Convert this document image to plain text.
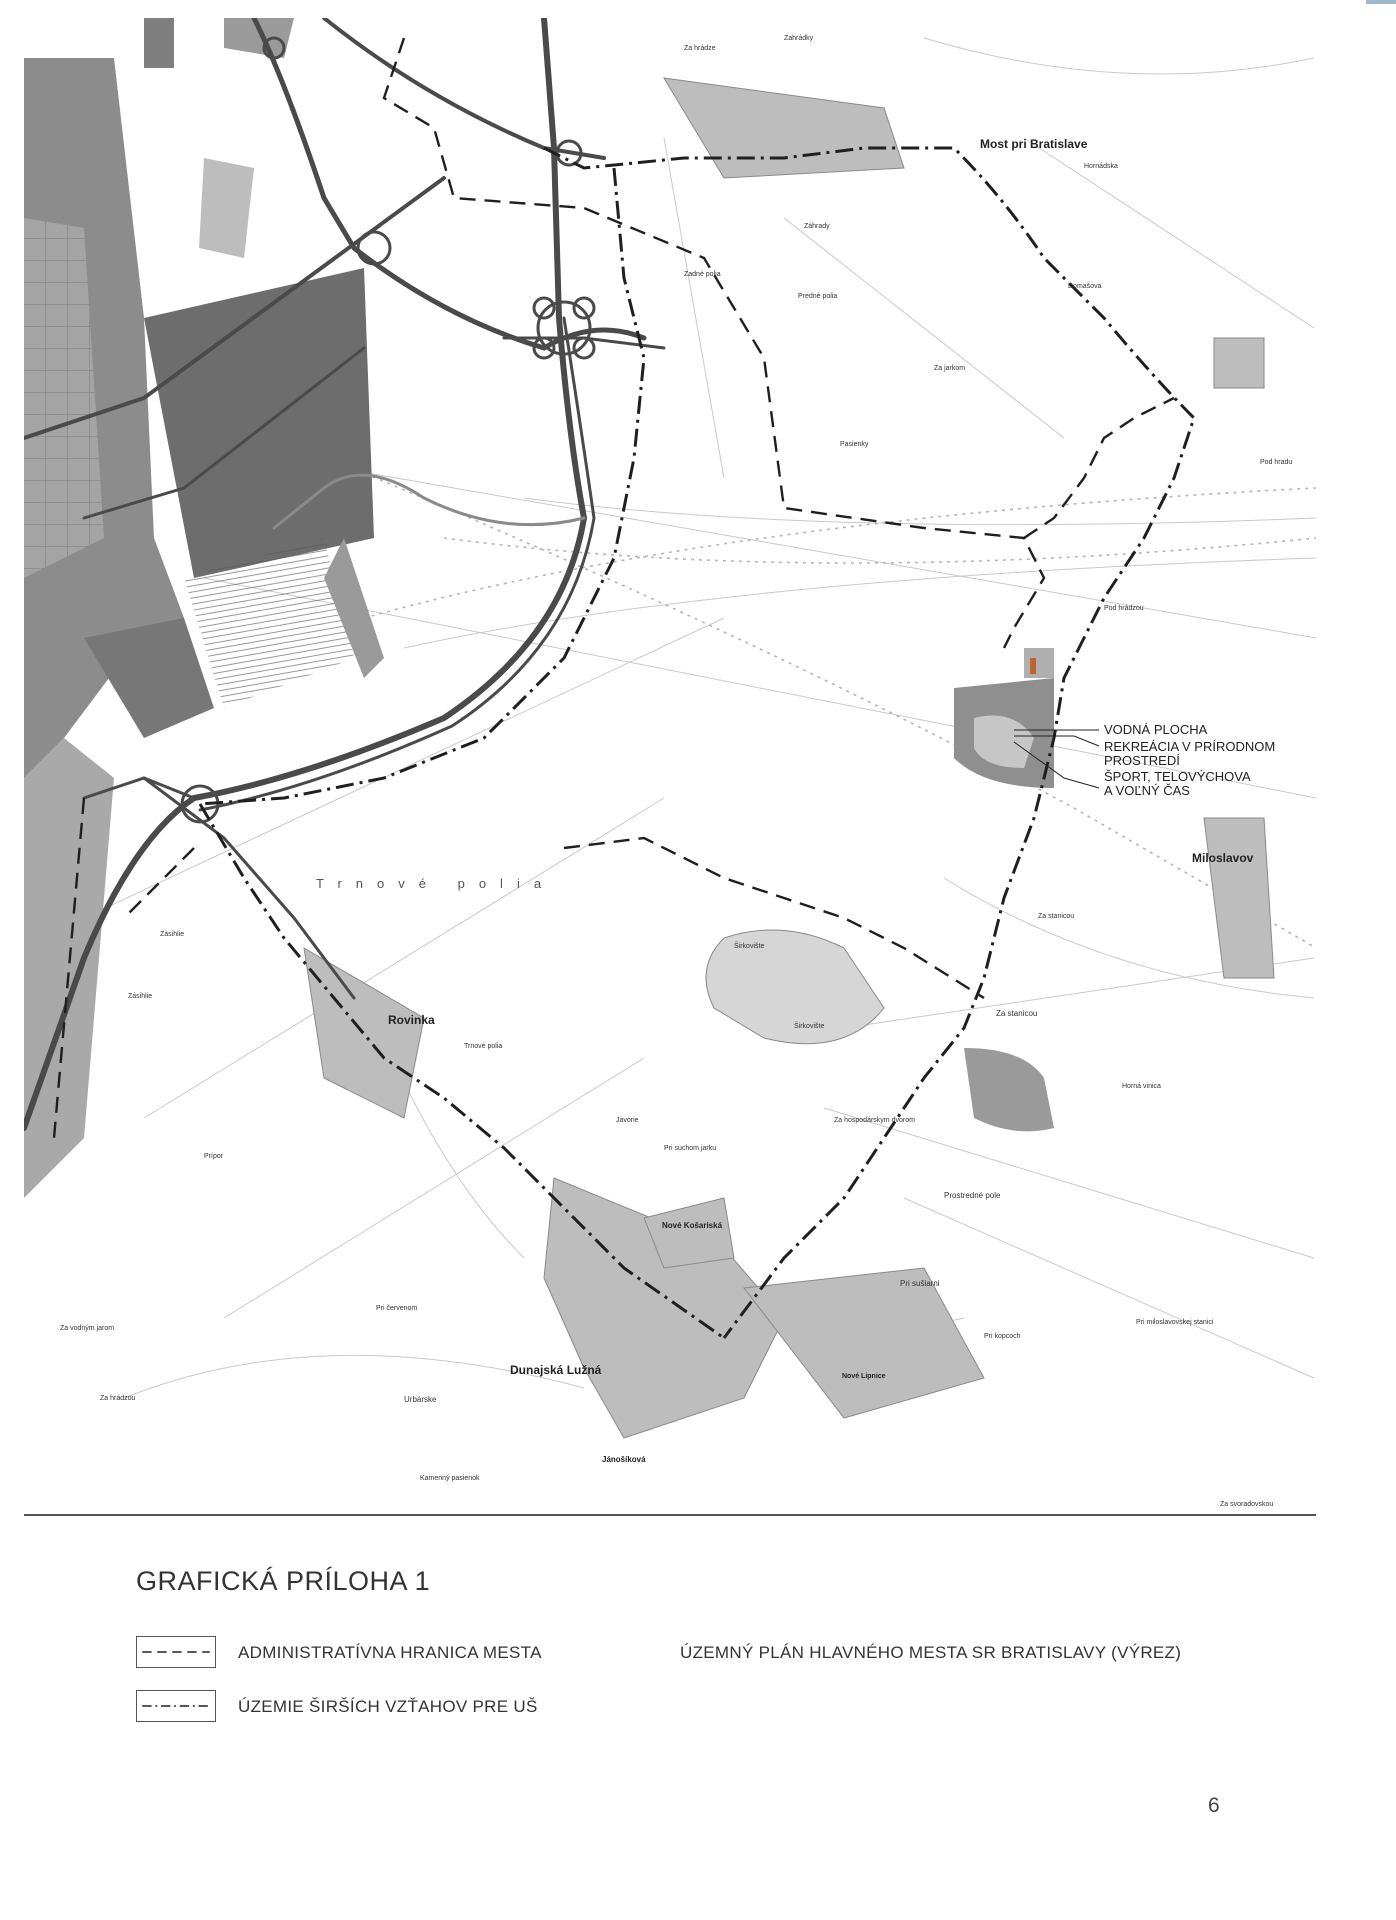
Most pri Bratislave
Miloslavov
Dunajská Lužná
Nové Košariská
Nové Lipnice
Jánošíková
Rovinka
Trnové polia
Trnové polia
Zahrádky
Za hrádze
Hornádska
Zadné polia
Predné polia
Za jarkom
Pasienky
Pod hrádzou
Za stanicou
Za stanicou
Horná vinica
Za hospodárskym dvorom
Prostredné pole
Pri sušiarni
Pri kopcoch
Pri miloslavovskej stanici
Urbárske
Kamenný pasienok
Za svoradovskou
Prípor
Zásihlie
Zásihlie
Javorie
Širkovište
Širkovište
Pod hradu
Domašova
Záhrady
Pri suchom jarku
Za hrádzou
Za vodným jarom
Pri červenom
VODNÁ PLOCHA
REKREÁCIA V PRÍRODNOM
PROSTREDÍ
ŠPORT, TELOVÝCHOVA
A VOĽNÝ ČAS
GRAFICKÁ PRÍLOHA 1
ADMINISTRATÍVNA HRANICA MESTA
ÚZEMIE ŠIRŠÍCH VZŤAHOV PRE UŠ
ÚZEMNÝ PLÁN HLAVNÉHO MESTA SR BRATISLAVY (VÝREZ)
6
